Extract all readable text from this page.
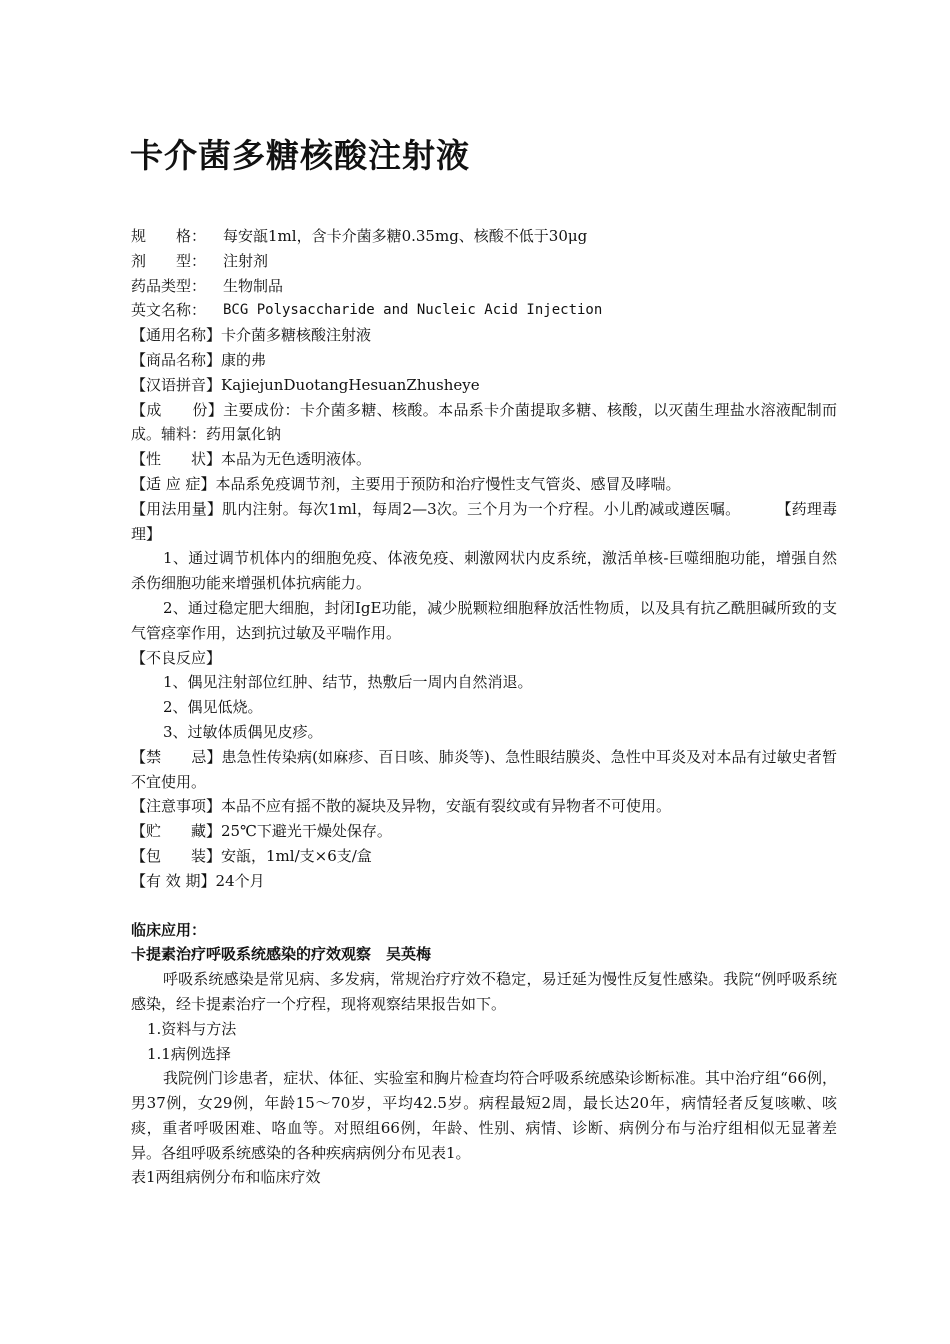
卡介菌多糖核酸注射液
规　　格：	每安瓿1ml，含卡介菌多糖0.35mg、核酸不低于30μg
剂　　型：	注射剂
药品类型：	生物制品
英文名称：	BCG Polysaccharide and Nucleic Acid Injection

【通用名称】卡介菌多糖核酸注射液

【商品名称】康的弗

【汉语拼音】KajiejunDuotangHesuanZhusheye

【成　　份】主要成份：卡介菌多糖、核酸。本品系卡介菌提取多糖、核酸，以灭菌生理盐水溶液配制而成。辅料：药用氯化钠

【性　　状】本品为无色透明液体。

【适 应 症】本品系免疫调节剂，主要用于预防和治疗慢性支气管炎、感冒及哮喘。

【用法用量】肌内注射。每次1ml，每周2—3次。三个月为一个疗程。小儿酌减或遵医嘱。 【药理毒理】

1、通过调节机体内的细胞免疫、体液免疫、刺激网状内皮系统，激活单核-巨噬细胞功能，增强自然杀伤细胞功能来增强机体抗病能力。

2、通过稳定肥大细胞，封闭IgE功能，减少脱颗粒细胞释放活性物质，以及具有抗乙酰胆碱所致的支气管痉挛作用，达到抗过敏及平喘作用。

【不良反应】

1、偶见注射部位红肿、结节，热敷后一周内自然消退。

2、偶见低烧。

3、过敏体质偶见皮疹。

【禁　　忌】患急性传染病(如麻疹、百日咳、肺炎等)、急性眼结膜炎、急性中耳炎及对本品有过敏史者暂不宜使用。

【注意事项】本品不应有摇不散的凝块及异物，安瓿有裂纹或有异物者不可使用。

【贮　　藏】25℃下避光干燥处保存。

【包　　装】安瓿，1ml/支×6支/盒

【有 效 期】24个月

临床应用：

卡提素治疗呼吸系统感染的疗效观察　吴英梅

呼吸系统感染是常见病、多发病，常规治疗疗效不稳定，易迁延为慢性反复性感染。我院“例呼吸系统感染，经卡提素治疗一个疗程，现将观察结果报告如下。

1.资料与方法

1.1病例选择

我院例门诊患者，症状、体征、实验室和胸片检查均符合呼吸系统感染诊断标准。其中治疗组“66例，男37例，女29例，年龄15～70岁，平均42.5岁。病程最短2周，最长达20年，病情轻者反复咳嗽、咳痰，重者呼吸困难、咯血等。对照组66例，年龄、性别、病情、诊断、病例分布与治疗组相似无显著差异。各组呼吸系统感染的各种疾病病例分布见表1。

表1两组病例分布和临床疗效
